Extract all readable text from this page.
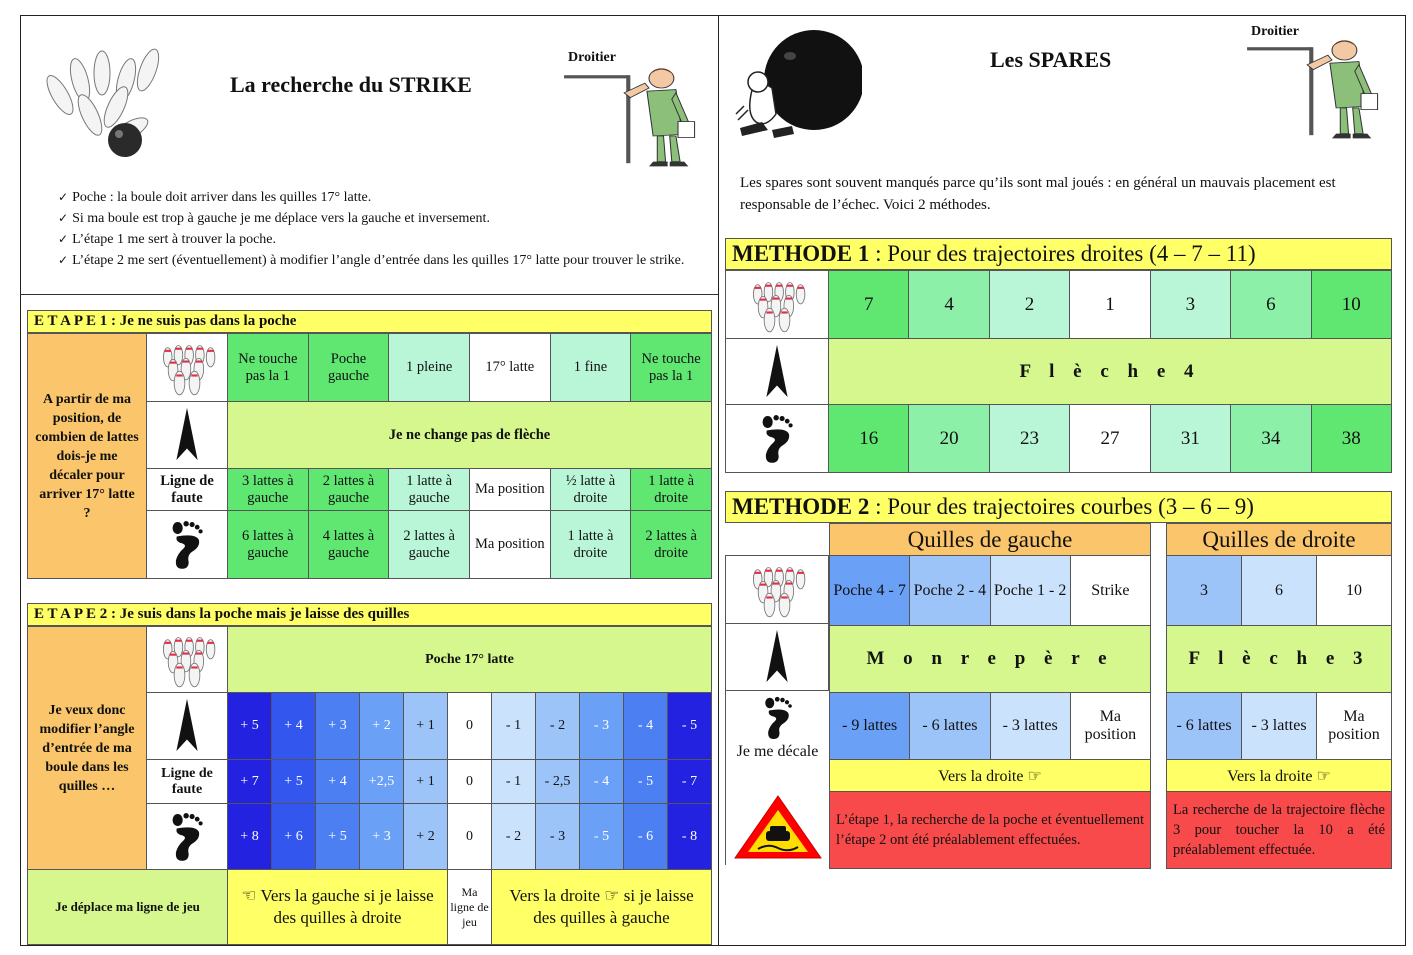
La recherche du STRIKE
Droitier
✓ Poche : la boule doit arriver dans les quilles 17° latte.
✓ Si ma boule est trop à gauche je me déplace vers la gauche et inversement.
✓ L’étape 1 me sert à trouver la poche.
✓ L’étape 2 me sert (éventuellement) à modifier l’angle d’entrée dans les quilles 17° latte pour trouver le strike.
E T A P E 1 : Je ne suis pas dans la poche
A partir de ma position, de combien de lattes dois-je me décaler pour arriver 17° latte ?		Ne touche pas la 1	Poche gauche	1 pleine	17° latte	1 fine	Ne touche pas la 1

	Je ne change pas de flèche					
	Ligne de faute	3 lattes à gauche	2 lattes à gauche	1 latte à gauche	Ma position	½ latte à droite	1 latte à droite

	6 lattes à gauche	4 lattes à gauche	2 lattes à gauche	Ma position	1 latte à droite	2 lattes à droite
E T A P E 2 : Je suis dans la poche mais je laisse des quilles
Je veux donc modifier l’angle d’entrée de ma boule dans les quilles …		Poche 17° latte										

	+ 5	+ 4	+ 3	+ 2	+ 1	0	- 1	- 2	- 3	- 4	- 5
	Ligne de faute	+ 7	+ 5	+ 4	+2,5	+ 1	0	- 1	- 2,5	- 4	- 5	- 7

	+ 8	+ 6	+ 5	+ 3	+ 2	0	- 2	- 3	- 5	- 6	- 8
Je déplace ma ligne de jeu		☜ Vers la gauche si je laisse des quilles à droite					Ma ligne de jeu	Vers la droite ☞ si je laisse des quilles à gauche				
Les SPARES
Droitier
Les spares sont souvent manqués parce qu’ils sont mal joués : en général un mauvais placement est responsable de l’échec. Voici 2 méthodes.
METHODE 1 : Pour des trajectoires droites (4 – 7 – 11)
	7	4	2	1	3	6	10

	F l è c h e 4						

	16	20	23	27	31	34	38
METHODE 2 : Pour des trajectoires courbes (3 – 6 – 9)
Je me décale
Quilles de gauche			
Poche 4 - 7	Poche 2 - 4	Poche 1 - 2	Strike
M o n r e p è r e			
- 9 lattes	- 6 lattes	- 3 lattes	Ma position
Vers la droite ☞			
L’étape 1, la recherche de la poche et éventuellement l’étape 2 ont été préalablement effectuées.			
Quilles de droite		
3	6	10
F l è c h e 3		
- 6 lattes	- 3 lattes	Ma position
Vers la droite ☞		
La recherche de la trajectoire flèche 3 pour toucher la 10 a été préalablement effectuée.		
